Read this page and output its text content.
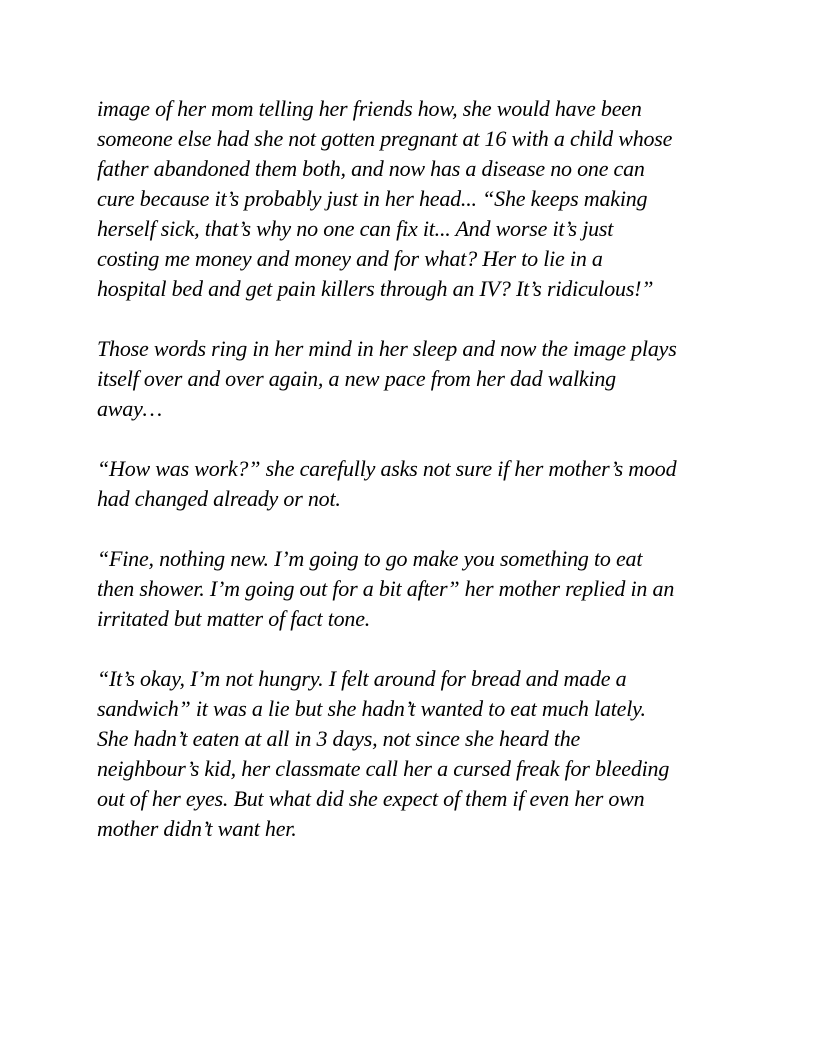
image of her mom telling her friends how, she would have been
someone else had she not gotten pregnant at 16 with a child whose
father abandoned them both, and now has a disease no one can
cure because it’s probably just in her head... “She keeps making
herself sick, that’s why no one can fix it... And worse it’s just
costing me money and money and for what? Her to lie in a
hospital bed and get pain killers through an IV? It’s ridiculous!”
Those words ring in her mind in her sleep and now the image plays
itself over and over again, a new pace from her dad walking
away…
“How was work?” she carefully asks not sure if her mother’s mood
had changed already or not.
“Fine, nothing new. I’m going to go make you something to eat
then shower. I’m going out for a bit after” her mother replied in an
irritated but matter of fact tone.
“It’s okay, I’m not hungry. I felt around for bread and made a
sandwich” it was a lie but she hadn’t wanted to eat much lately.
She hadn’t eaten at all in 3 days, not since she heard the
neighbour’s kid, her classmate call her a cursed freak for bleeding
out of her eyes. But what did she expect of them if even her own
mother didn’t want her.
